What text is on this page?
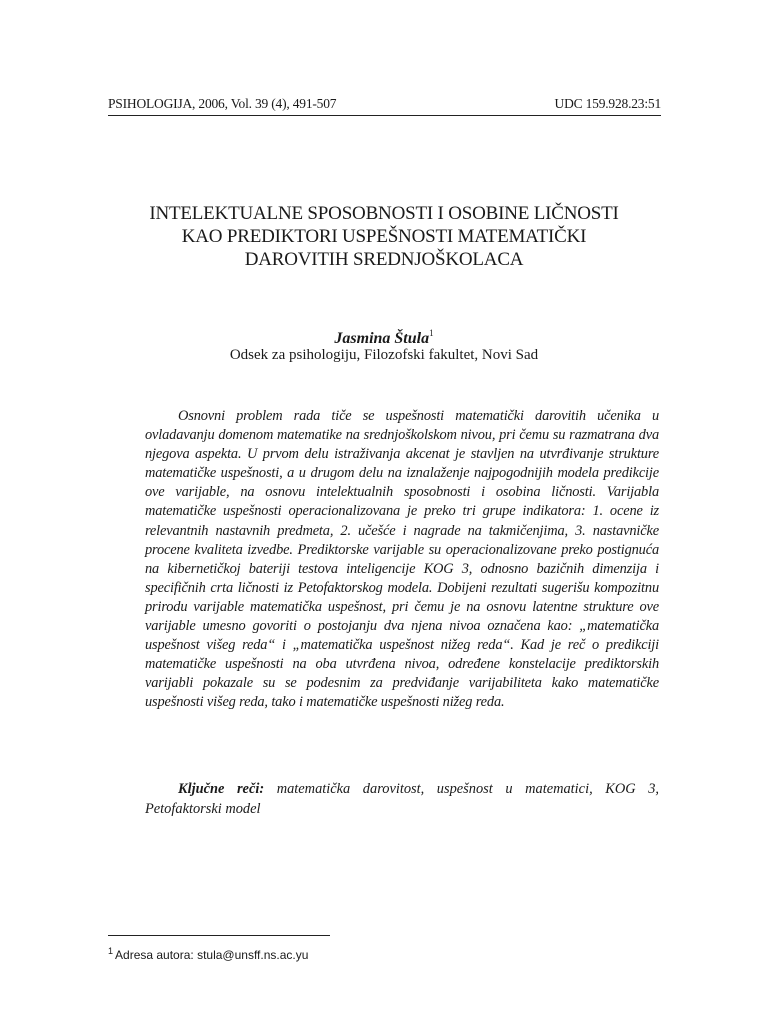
PSIHOLOGIJA, 2006, Vol. 39 (4), 491-507	UDC 159.928.23:51
INTELEKTUALNE SPOSOBNOSTI I OSOBINE LIČNOSTI
KAO PREDIKTORI USPEŠNOSTI MATEMATIČKI
DAROVITIH SREDNJOŠKOLACA
Jasmina Štula$^1$
Odsek za psihologiju, Filozofski fakultet, Novi Sad

Osnovni problem rada tiče se uspešnosti matematički darovitih učenika u ovladavanju domenom matematike na srednjoškolskom nivou, pri čemu su razmatrana dva njegova aspekta. U prvom delu istraživanja akcenat je stavljen na utvrđivanje strukture matematičke uspešnosti, a u drugom delu na iznalaženje najpogodnijih modela predikcije ove varijable, na osnovu intelektualnih sposobnosti i osobina ličnosti. Varijabla matematičke uspešnosti operacionalizovana je preko tri grupe indikatora: 1. ocene iz relevantnih nastavnih predmeta, 2. učešće i nagrade na takmičenjima, 3. nastavničke procene kvaliteta izvedbe. Prediktorske varijable su operacionalizovane preko postignuća na kibernetičkoj bateriji testova inteligencije KOG 3, odnosno bazičnih dimenzija i specifičnih crta ličnosti iz Petofaktorskog modela. Dobijeni rezultati sugerišu kompozitnu prirodu varijable matematička uspešnost, pri čemu je na osnovu latentne strukture ove varijable umesno govoriti o postojanju dva njena nivoa označena kao: „matematička uspešnost višeg reda“ i „matematička uspešnost nižeg reda“. Kad je reč o predikciji matematičke uspešnosti na oba utvrđena nivoa, određene konstelacije prediktorskih varijabli pokazale su se podesnim za predviđanje varijabiliteta kako matematičke uspešnosti višeg reda, tako i matematičke uspešnosti nižeg reda.

Ključne reči: matematička darovitost, uspešnost u matematici, KOG 3, Petofaktorski model

$^1$ Adresa autora: stula@unsff.ns.ac.yu
